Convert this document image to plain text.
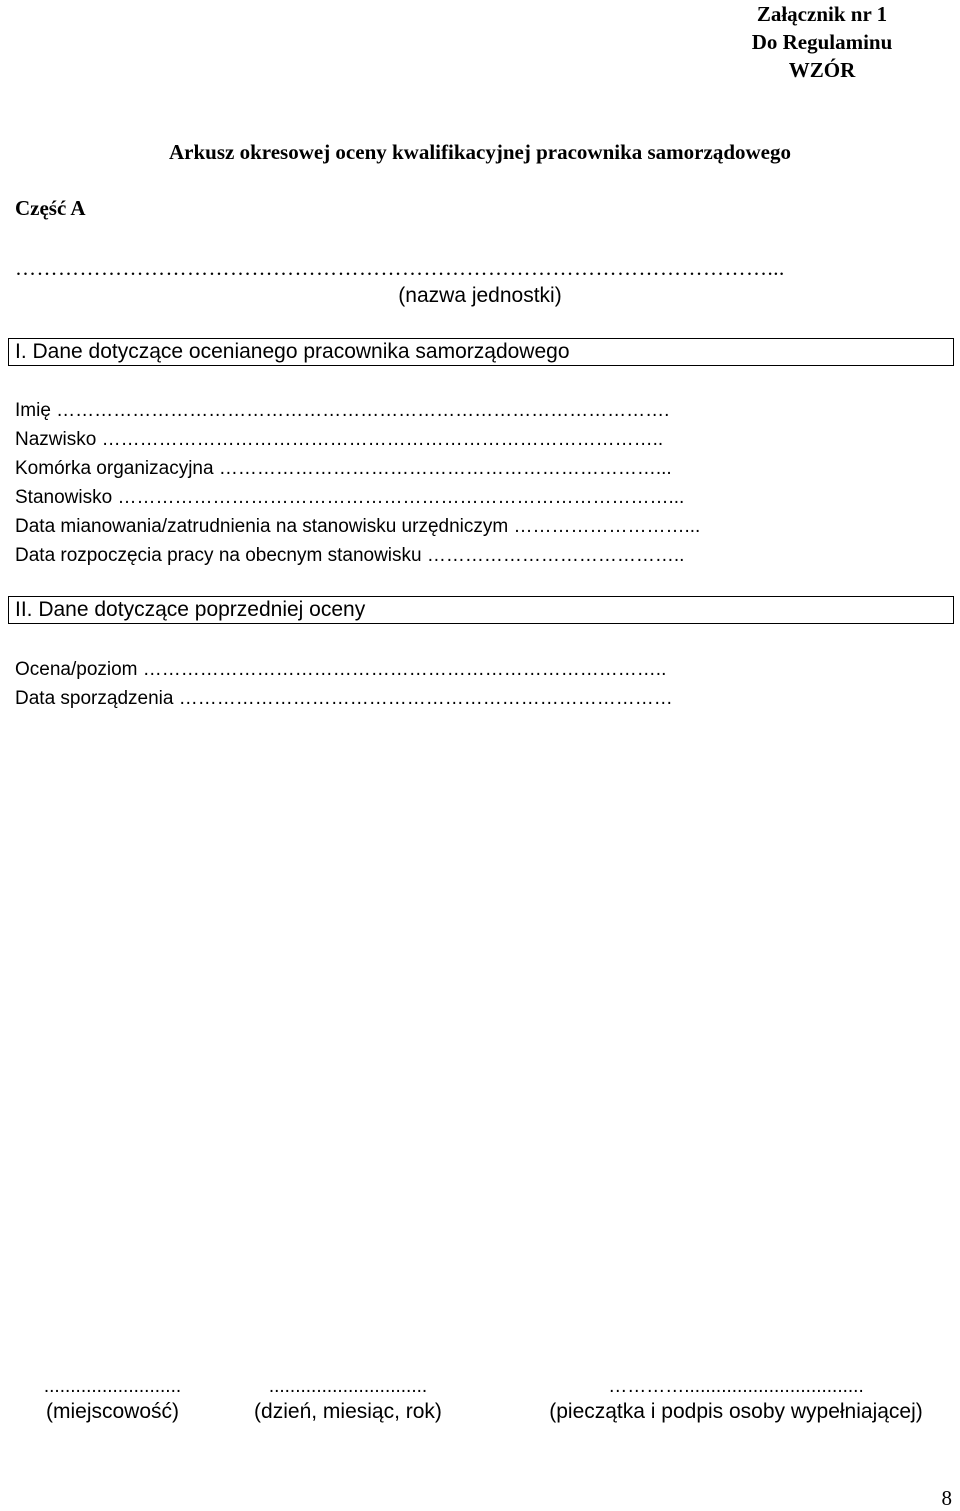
Załącznik nr 1
Do Regulaminu
WZÓR
Arkusz okresowej oceny kwalifikacyjnej pracownika samorządowego
Część A
……………………………………………………………………………………………...
(nazwa jednostki)
I. Dane dotyczące ocenianego pracownika samorządowego
Imię …………………………………………………………………………………….
Nazwisko ……………………………………………………………………………..
Komórka organizacyjna ……………………………………………………………...
Stanowisko ……………………………………………………………………………...
Data mianowania/zatrudnienia na stanowisku urzędniczym ………………………...
Data rozpoczęcia pracy na obecnym stanowisku …………………………………..
II. Dane dotyczące poprzedniej oceny
Ocena/poziom ………………………………………………………………………..
Data sporządzenia ……………………………………………………………………
..........................
(miejscowość)
..............................
(dzień, miesiąc, rok)
…………..................................
(pieczątka i podpis osoby wypełniającej)
8
